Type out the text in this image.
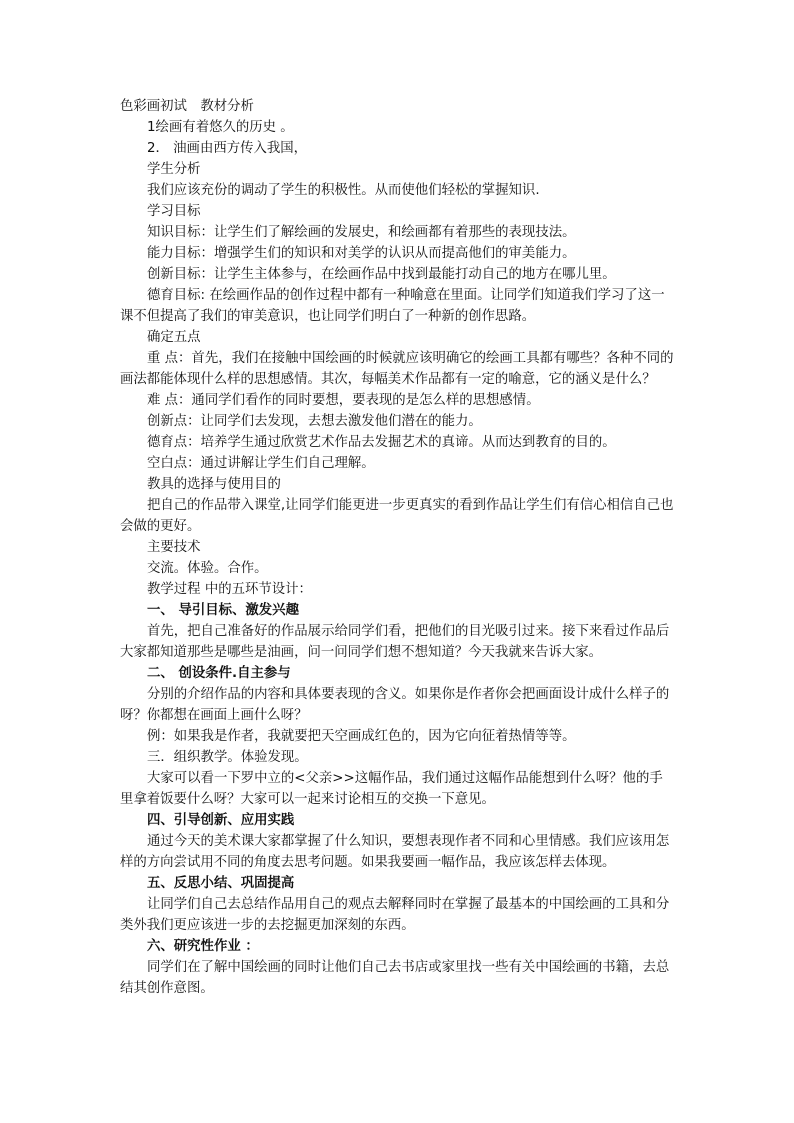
色彩画初试　教材分析

1绘画有着悠久的历史 。

2． 油画由西方传入我国，

学生分析

我们应该充份的调动了学生的积极性。从而使他们轻松的掌握知识.

学习目标

知识目标：让学生们了解绘画的发展史，和绘画都有着那些的表现技法。

能力目标：增强学生们的知识和对美学的认识从而提高他们的审美能力。

创新目标：让学生主体参与，在绘画作品中找到最能打动自己的地方在哪儿里。

德育目标: 在绘画作品的创作过程中都有一种喻意在里面。让同学们知道我们学习了这一课不但提高了我们的审美意识，也让同学们明白了一种新的创作思路。

确定五点

重 点：首先，我们在接触中国绘画的时候就应该明确它的绘画工具都有哪些？各种不同的画法都能体现什么样的思想感情。其次，每幅美术作品都有一定的喻意，它的涵义是什么？

难 点：通同学们看作的同时要想，要表现的是怎么样的思想感情。

创新点：让同学们去发现，去想去激发他们潜在的能力。

德育点：培养学生通过欣赏艺术作品去发掘艺术的真谛。从而达到教育的目的。

空白点：通过讲解让学生们自己理解。

教具的选择与使用目的

把自己的作品带入课堂,让同学们能更进一步更真实的看到作品让学生们有信心相信自己也会做的更好。

主要技术

交流。体验。合作。

教学过程 中的五环节设计：

一、 导引目标、激发兴趣

首先，把自己准备好的作品展示给同学们看，把他们的目光吸引过来。接下来看过作品后大家都知道那些是哪些是油画，问一问同学们想不想知道？今天我就来告诉大家。

二、 创设条件.自主参与

分别的介绍作品的内容和具体要表现的含义。如果你是作者你会把画面设计成什么样子的呀？你都想在画面上画什么呀？

例：如果我是作者，我就要把天空画成红色的，因为它向征着热情等等。

三．组织教学。体验发现。

大家可以看一下罗中立的<父亲>>这幅作品，我们通过这幅作品能想到什么呀？他的手里拿着饭要什么呀？大家可以一起来讨论相互的交换一下意见。

四、引导创新、应用实践

通过今天的美术课大家都掌握了什么知识，要想表现作者不同和心里情感。我们应该用怎样的方向尝试用不同的角度去思考问题。如果我要画一幅作品，我应该怎样去体现。

五、反思小结、巩固提高

让同学们自己去总结作品用自己的观点去解释同时在掌握了最基本的中国绘画的工具和分类外我们更应该进一步的去挖掘更加深刻的东西。

六、研究性作业 ：

同学们在了解中国绘画的同时让他们自己去书店或家里找一些有关中国绘画的书籍，去总结其创作意图。
